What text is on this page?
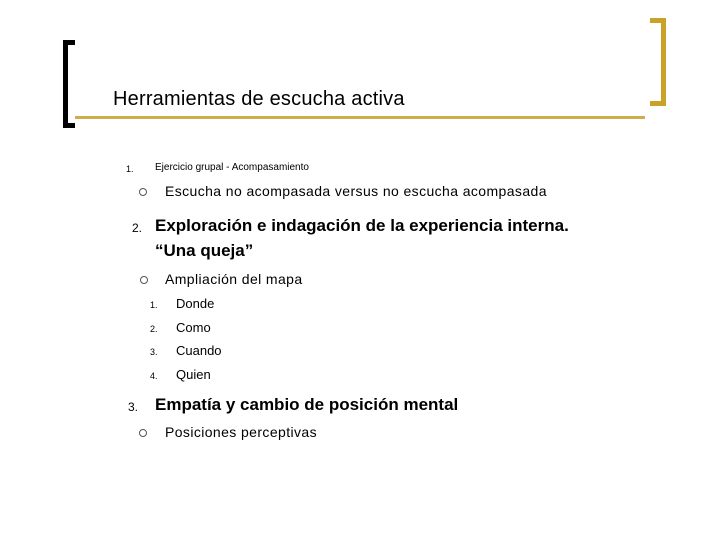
Herramientas de escucha activa
1. Ejercicio grupal - Acompasamiento
Escucha no acompasada versus no escucha acompasada
2. Exploración e indagación de la experiencia interna.
“Una queja”
Ampliación del mapa
1. Donde
2. Como
3. Cuando
4. Quien
3. Empatía y cambio de posición mental
Posiciones perceptivas
